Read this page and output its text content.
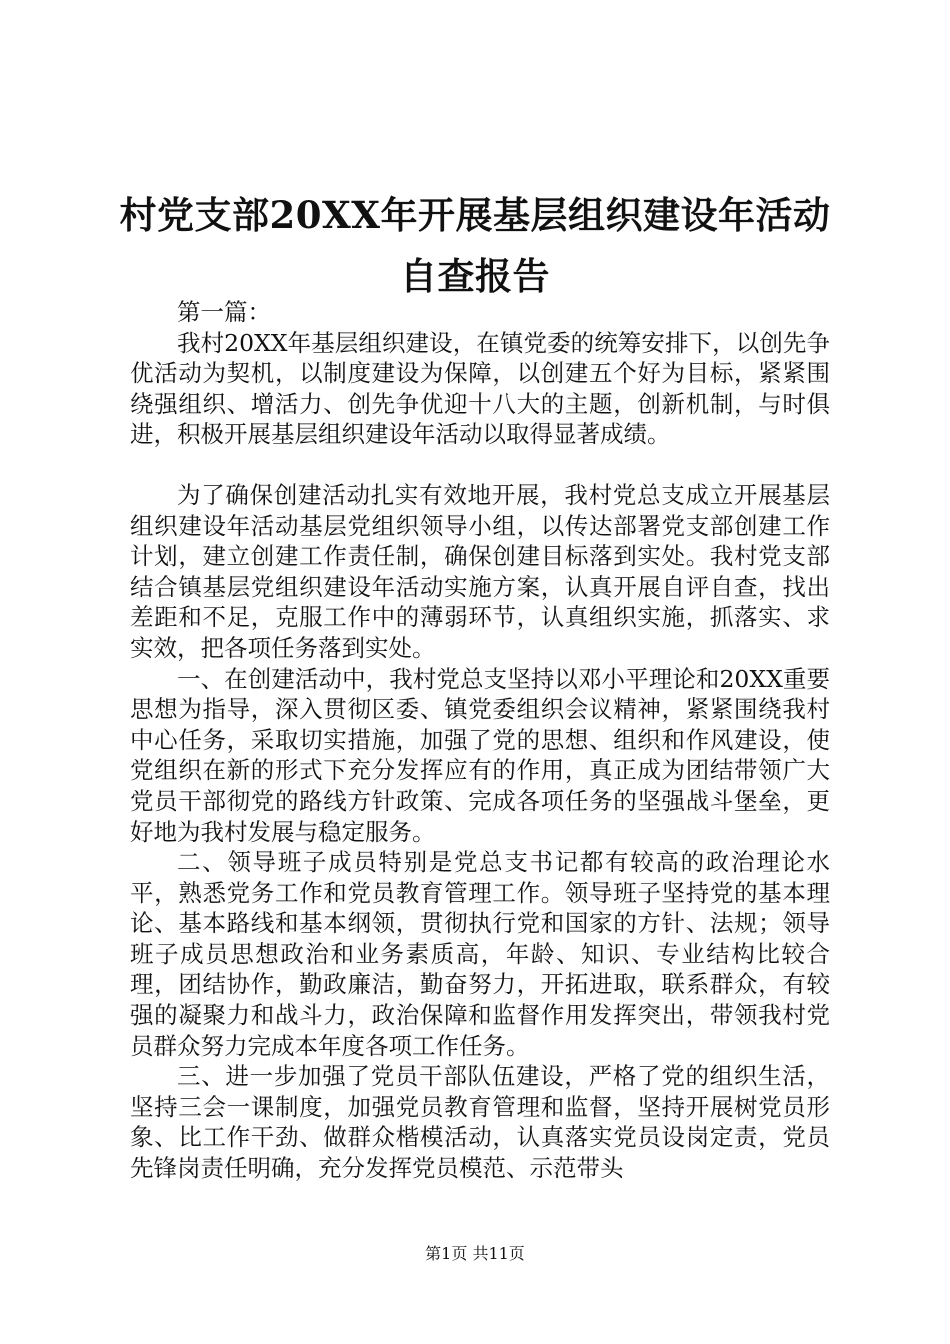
村党支部20XX年开展基层组织建设年活动自查报告

第一篇：

我村20XX年基层组织建设，在镇党委的统筹安排下，以创先争优活动为契机，以制度建设为保障，以创建五个好为目标，紧紧围绕强组织、增活力、创先争优迎十八大的主题，创新机制，与时俱进，积极开展基层组织建设年活动以取得显著成绩。

为了确保创建活动扎实有效地开展，我村党总支成立开展基层组织建设年活动基层党组织领导小组，以传达部署党支部创建工作计划，建立创建工作责任制，确保创建目标落到实处。我村党支部结合镇基层党组织建设年活动实施方案，认真开展自评自查，找出差距和不足，克服工作中的薄弱环节，认真组织实施，抓落实、求实效，把各项任务落到实处。

一、在创建活动中，我村党总支坚持以邓小平理论和20XX重要思想为指导，深入贯彻区委、镇党委组织会议精神，紧紧围绕我村中心任务，采取切实措施，加强了党的思想、组织和作风建设，使党组织在新的形式下充分发挥应有的作用，真正成为团结带领广大党员干部彻党的路线方针政策、完成各项任务的坚强战斗堡垒，更好地为我村发展与稳定服务。

二、领导班子成员特别是党总支书记都有较高的政治理论水平，熟悉党务工作和党员教育管理工作。领导班子坚持党的基本理论、基本路线和基本纲领，贯彻执行党和国家的方针、法规；领导班子成员思想政治和业务素质高，年龄、知识、专业结构比较合理，团结协作，勤政廉洁，勤奋努力，开拓进取，联系群众，有较强的凝聚力和战斗力，政治保障和监督作用发挥突出，带领我村党员群众努力完成本年度各项工作任务。

三、进一步加强了党员干部队伍建设，严格了党的组织生活，坚持三会一课制度，加强党员教育管理和监督，坚持开展树党员形象、比工作干劲、做群众楷模活动，认真落实党员设岗定责，党员先锋岗责任明确，充分发挥党员模范、示范带头

第1页 共11页
